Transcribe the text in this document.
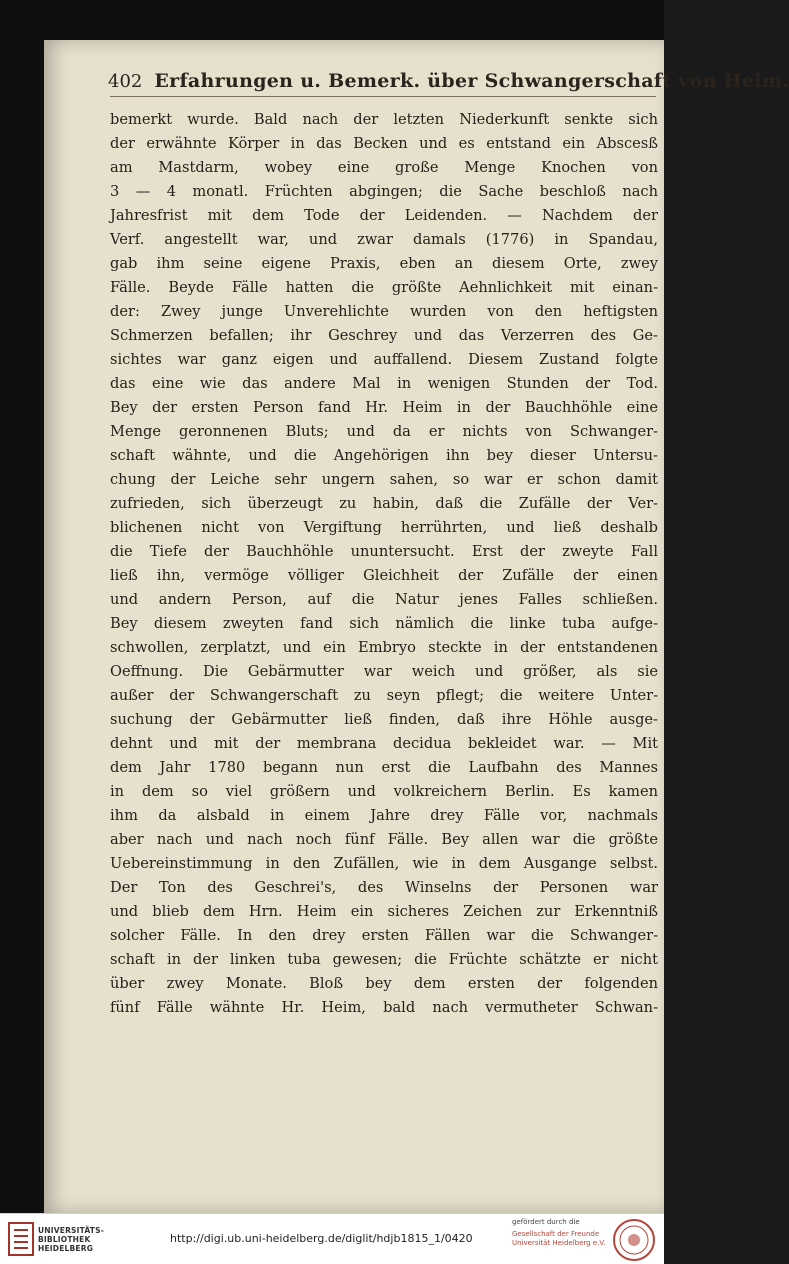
402 Erfahrungen u. Bemerk. über Schwangerschaft von Heim.
bemerkt wurde. Bald nach der letzten Niederkunft senkte sich
der erwähnte Körper in das Becken und es entstand ein Abscesß
am Mastdarm, wobey eine große Menge Knochen von
3 — 4 monatl. Früchten abgingen; die Sache beschloß nach
Jahresfrist mit dem Tode der Leidenden. — Nachdem der
Verf. angestellt war, und zwar damals (1776) in Spandau,
gab ihm seine eigene Praxis, eben an diesem Orte, zwey
Fälle. Beyde Fälle hatten die größte Aehnlichkeit mit einan-
der: Zwey junge Unverehlichte wurden von den heftigsten
Schmerzen befallen; ihr Geschrey und das Verzerren des Ge-
sichtes war ganz eigen und auffallend. Diesem Zustand folgte
das eine wie das andere Mal in wenigen Stunden der Tod.
Bey der ersten Person fand Hr. Heim in der Bauchhöhle eine
Menge geronnenen Bluts; und da er nichts von Schwanger-
schaft wähnte, und die Angehörigen ihn bey dieser Untersu-
chung der Leiche sehr ungern sahen, so war er schon damit
zufrieden, sich überzeugt zu habin, daß die Zufälle der Ver-
blichenen nicht von Vergiftung herrührten, und ließ deshalb
die Tiefe der Bauchhöhle ununtersucht. Erst der zweyte Fall
ließ ihn, vermöge völliger Gleichheit der Zufälle der einen
und andern Person, auf die Natur jenes Falles schließen.
Bey diesem zweyten fand sich nämlich die linke tuba aufge-
schwollen, zerplatzt, und ein Embryo steckte in der entstandenen
Oeffnung. Die Gebärmutter war weich und größer, als sie
außer der Schwangerschaft zu seyn pflegt; die weitere Unter-
suchung der Gebärmutter ließ finden, daß ihre Höhle ausge-
dehnt und mit der membrana decidua bekleidet war. — Mit
dem Jahr 1780 begann nun erst die Laufbahn des Mannes
in dem so viel größern und volkreichern Berlin. Es kamen
ihm da alsbald in einem Jahre drey Fälle vor, nachmals
aber nach und nach noch fünf Fälle. Bey allen war die größte
Uebereinstimmung in den Zufällen, wie in dem Ausgange selbst.
Der Ton des Geschrei's, des Winselns der Personen war
und blieb dem Hrn. Heim ein sicheres Zeichen zur Erkenntniß
solcher Fälle. In den drey ersten Fällen war die Schwanger-
schaft in der linken tuba gewesen; die Früchte schätzte er nicht
über zwey Monate. Bloß bey dem ersten der folgenden
fünf Fälle wähnte Hr. Heim, bald nach vermutheter Schwan-
UNIVERSITÄTS-
BIBLIOTHEK
HEIDELBERG
http://digi.ub.uni-heidelberg.de/diglit/hdjb1815_1/0420
gefördert durch die
Gesellschaft der Freunde
Universität Heidelberg e.V.
